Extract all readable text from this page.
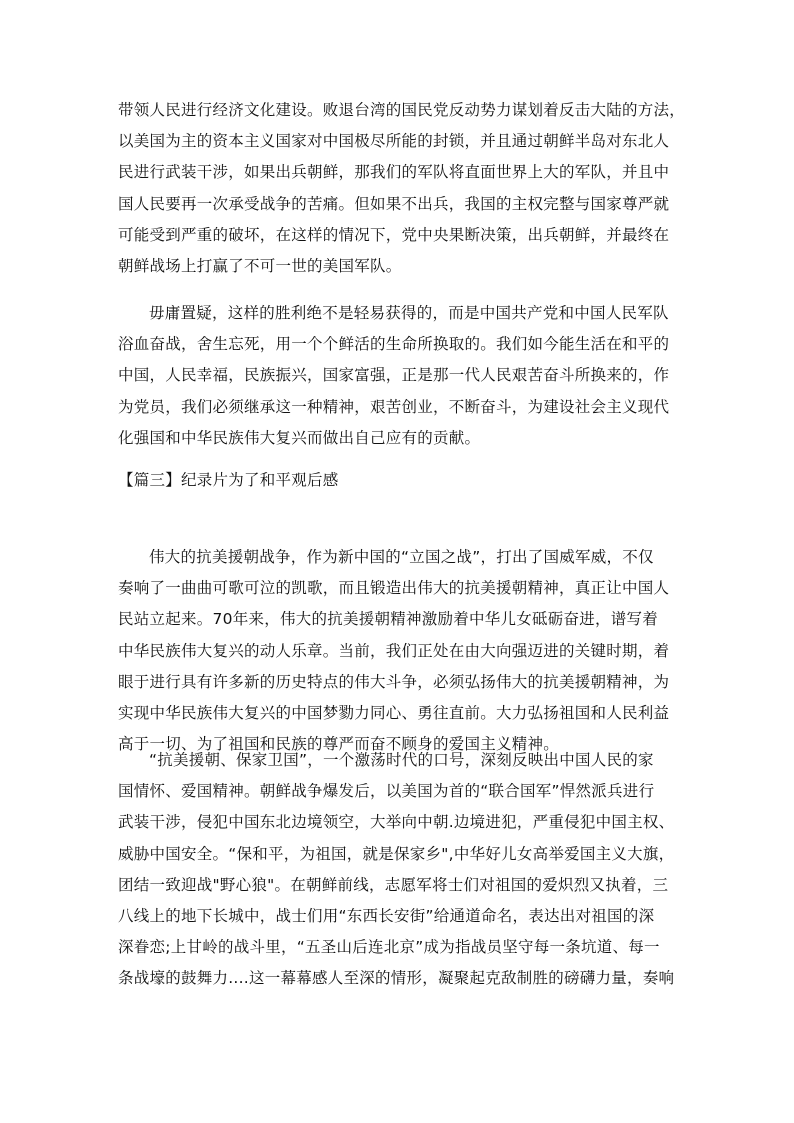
带领人民进行经济文化建设。败退台湾的国民党反动势力谋划着反击大陆的方法，
以美国为主的资本主义国家对中国极尽所能的封锁，并且通过朝鲜半岛对东北人
民进行武装干涉，如果出兵朝鲜，那我们的军队将直面世界上大的军队，并且中
国人民要再一次承受战争的苦痛。但如果不出兵，我国的主权完整与国家尊严就
可能受到严重的破坏，在这样的情况下，党中央果断决策，出兵朝鲜，并最终在
朝鲜战场上打赢了不可一世的美国军队。
毋庸置疑，这样的胜利绝不是轻易获得的，而是中国共产党和中国人民军队
浴血奋战，舍生忘死，用一个个鲜活的生命所换取的。我们如今能生活在和平的
中国，人民幸福，民族振兴，国家富强，正是那一代人民艰苦奋斗所换来的，作
为党员，我们必须继承这一种精神，艰苦创业，不断奋斗，为建设社会主义现代
化强国和中华民族伟大复兴而做出自己应有的贡献。
【篇三】纪录片为了和平观后感
伟大的抗美援朝战争，作为新中国的“立国之战”，打出了国威军威，不仅
奏响了一曲曲可歌可泣的凯歌，而且锻造出伟大的抗美援朝精神，真正让中国人
民站立起来。70年来，伟大的抗美援朝精神激励着中华儿女砥砺奋进，谱写着
中华民族伟大复兴的动人乐章。当前，我们正处在由大向强迈进的关键时期，着
眼于进行具有许多新的历史特点的伟大斗争，必须弘扬伟大的抗美援朝精神，为
实现中华民族伟大复兴的中国梦勠力同心、勇往直前。大力弘扬祖国和人民利益
高于一切、为了祖国和民族的尊严而奋不顾身的爱国主义精神。
“抗美援朝、保家卫国”，一个激荡时代的口号，深刻反映出中国人民的家
国情怀、爱国精神。朝鲜战争爆发后，以美国为首的“联合国军”悍然派兵进行
武装干涉，侵犯中国东北边境领空，大举向中朝.边境进犯，严重侵犯中国主权、
威胁中国安全。“保和平，为祖国，就是保家乡",中华好儿女高举爱国主义大旗，
团结一致迎战"野心狼"。在朝鲜前线，志愿军将士们对祖国的爱炽烈又执着，三
八线上的地下长城中，战士们用“东西长安街”给通道命名，表达出对祖国的深
深眷恋;上甘岭的战斗里，“五圣山后连北京”成为指战员坚守每一条坑道、每一
条战壕的鼓舞力....这一幕幕感人至深的情形，凝聚起克敌制胜的磅礴力量，奏响
